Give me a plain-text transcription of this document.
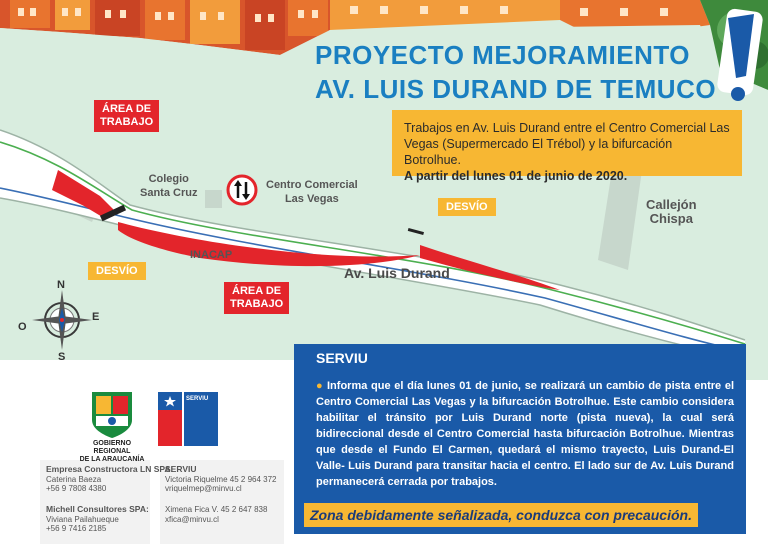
PROYECTO MEJORAMIENTO
AV. LUIS DURAND DE TEMUCO
Trabajos en Av. Luis Durand entre el Centro Comercial Las Vegas (Supermercado El Trébol) y la bifurcación Botrolhue.
A partir del lunes 01 de junio de 2020.
ÁREA DE
TRABAJO
ÁREA DE
TRABAJO
DESVÍO
DESVÍO
Colegio
Santa Cruz
Centro Comercial
Las Vegas
INACAP
Av. Luis Durand
Callejón
Chispa
N
S
E
O
SERVIU
● Informa que el día lunes 01 de junio, se realizará un cambio de pista entre el Centro Comercial Las Vegas y la bifurcación Botrolhue. Este cambio considera habilitar el tránsito por Luis Durand norte (pista nueva), la cual será bidireccional desde el Centro Comercial hasta bifurcación Botrolhue. Mientras que desde el Fundo El Carmen, quedará el mismo trayecto, Luis Durand-El Valle- Luis Durand para transitar hacia el centro. El lado sur de Av. Luis Durand permanecerá cerrada por trabajos.
Zona debidamente señalizada, conduzca con precaución.
GOBIERNO REGIONAL
DE LA ARAUCANÍA
SERVIU
Empresa Constructora LN SPA:
Caterina Baeza
+56 9 7808 4380
Michell Consultores SPA:
Viviana Pailahueque
+56 9 7416 2185
SERVIU
Victoria Riquelme 45 2 964 372
vriquelmep@minvu.cl
Ximena Fica V. 45 2 647 838
xfica@minvu.cl
